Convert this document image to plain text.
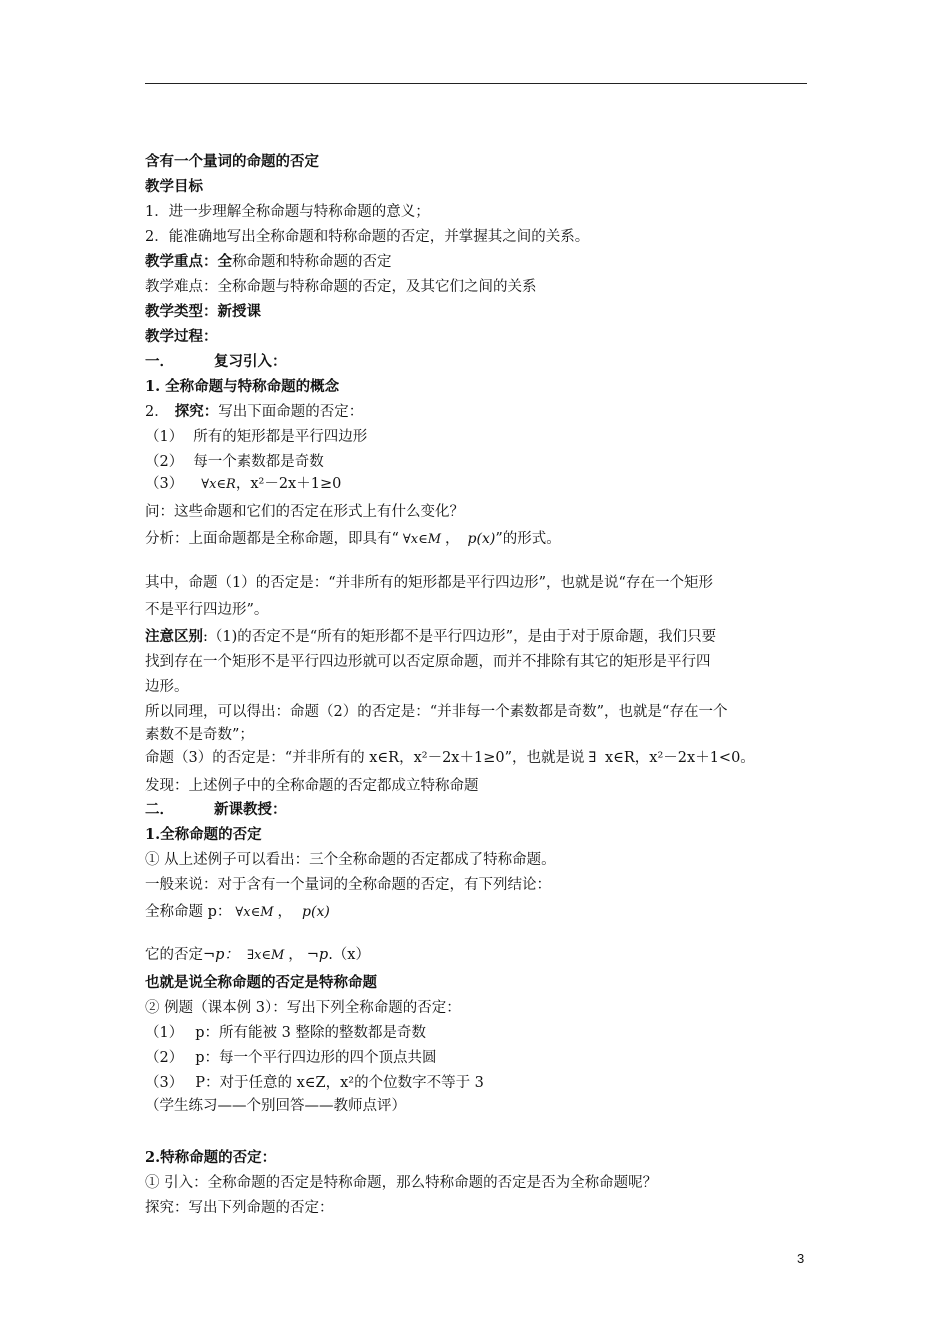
含有一个量词的命题的否定
教学目标
1．进一步理解全称命题与特称命题的意义；
2．能准确地写出全称命题和特称命题的否定，并掌握其之间的关系。
教学重点：全称命题和特称命题的否定
教学难点：全称命题与特称命题的否定，及其它们之间的关系
教学类型：新授课
教学过程：
一．	复习引入：
1. 全称命题与特称命题的概念
2． 探究：写出下面命题的否定：
（1） 所有的矩形都是平行四边形
（2） 每一个素数都是奇数
（3） ∀x∈R，x²－2x＋1≥0
问：这些命题和它们的否定在形式上有什么变化？
分析：上面命题都是全称命题，即具有“ ∀x∈M ， p(x)”的形式。
其中，命题（1）的否定是：“并非所有的矩形都是平行四边形”，也就是说“存在一个矩形
不是平行四边形”。
注意区别:（1)的否定不是“所有的矩形都不是平行四边形”，是由于对于原命题，我们只要
找到存在一个矩形不是平行四边形就可以否定原命题，而并不排除有其它的矩形是平行四
边形。
所以同理，可以得出：命题（2）的否定是：“并非每一个素数都是奇数”，也就是“存在一个
素数不是奇数”；
命题（3）的否定是：“并非所有的 x∈R，x²－2x＋1≥0”，也就是说 ∃ x∈R，x²－2x＋1<0。
发现：上述例子中的全称命题的否定都成立特称命题
二．	新课教授：
1.全称命题的否定
① 从上述例子可以看出：三个全称命题的否定都成了特称命题。
一般来说：对于含有一个量词的全称命题的否定，有下列结论：
全称命题 p： ∀x∈M ， p(x)
它的否定¬p： ∃x∈M ， ¬p.（x）
也就是说全称命题的否定是特称命题
② 例题（课本例 3）：写出下列全称命题的否定：
（1） p：所有能被 3 整除的整数都是奇数
（2） p：每一个平行四边形的四个顶点共圆
（3） P：对于任意的 x∈Z，x²的个位数字不等于 3
（学生练习——个别回答——教师点评）
2.特称命题的否定：
① 引入：全称命题的否定是特称命题，那么特称命题的否定是否为全称命题呢？
探究：写出下列命题的否定：
3
